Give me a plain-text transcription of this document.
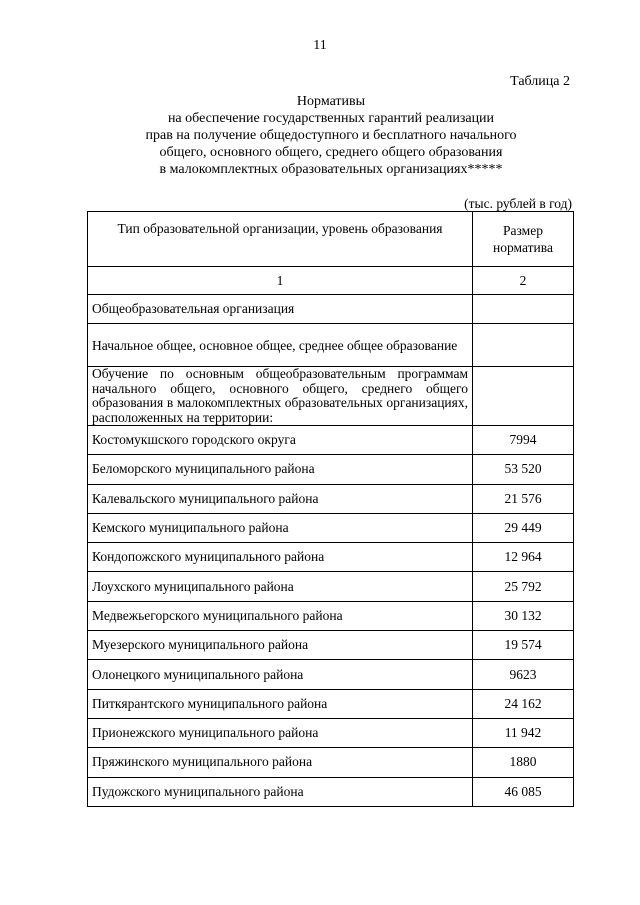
11
Таблица 2
Нормативы
на обеспечение государственных гарантий реализации
прав на получение общедоступного и бесплатного начального
общего, основного общего, среднего общего образования
в малокомплектных образовательных организациях*****
(тыс. рублей в год)
Тип образовательной организации, уровень образования	Размер норматива
1	2
Общеобразовательная организация	
Начальное общее, основное общее, среднее общее образование	
Обучение по основным общеобразовательным программам начального общего, основного общего, среднего общего образования в малокомплектных образовательных организациях, расположенных на территории:	
Костомукшского городского округа	7994
Беломорского муниципального района	53 520
Калевальского муниципального района	21 576
Кемского муниципального района	29 449
Кондопожского муниципального района	12 964
Лоухского муниципального района	25 792
Медвежьегорского муниципального района	30 132
Муезерского муниципального района	19 574
Олонецкого муниципального района	9623
Питкярантского муниципального района	24 162
Прионежского муниципального района	11 942
Пряжинского муниципального района	1880
Пудожского муниципального района	46 085
